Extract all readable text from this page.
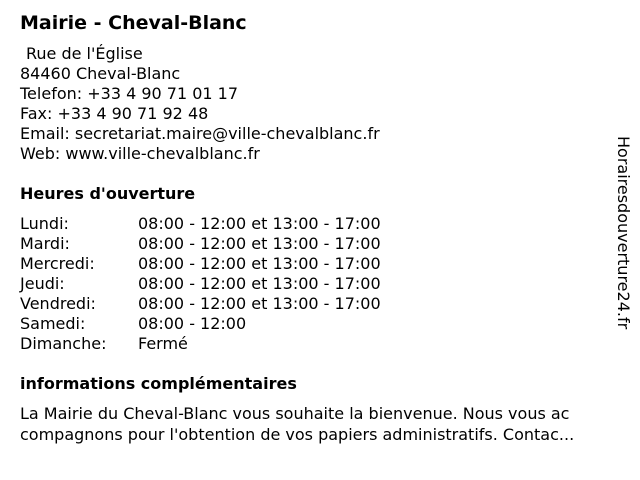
Mairie - Cheval-Blanc
Rue de l'Église
84460 Cheval-Blanc
Telefon: +33 4 90 71 01 17
Fax: +33 4 90 71 92 48
Email: secretariat.maire@ville-chevalblanc.fr
Web: www.ville-chevalblanc.fr
Heures d'ouverture
Lundi:	08:00 - 12:00 et 13:00 - 17:00
Mardi:	08:00 - 12:00 et 13:00 - 17:00
Mercredi:	08:00 - 12:00 et 13:00 - 17:00
Jeudi:	08:00 - 12:00 et 13:00 - 17:00
Vendredi:	08:00 - 12:00 et 13:00 - 17:00
Samedi:	08:00 - 12:00
Dimanche:	Fermé
informations complémentaires
La Mairie du Cheval-Blanc vous souhaite la bienvenue. Nous vous ac
compagnons pour l'obtention de vos papiers administratifs. Contac...
Horairesdouverture24.fr
